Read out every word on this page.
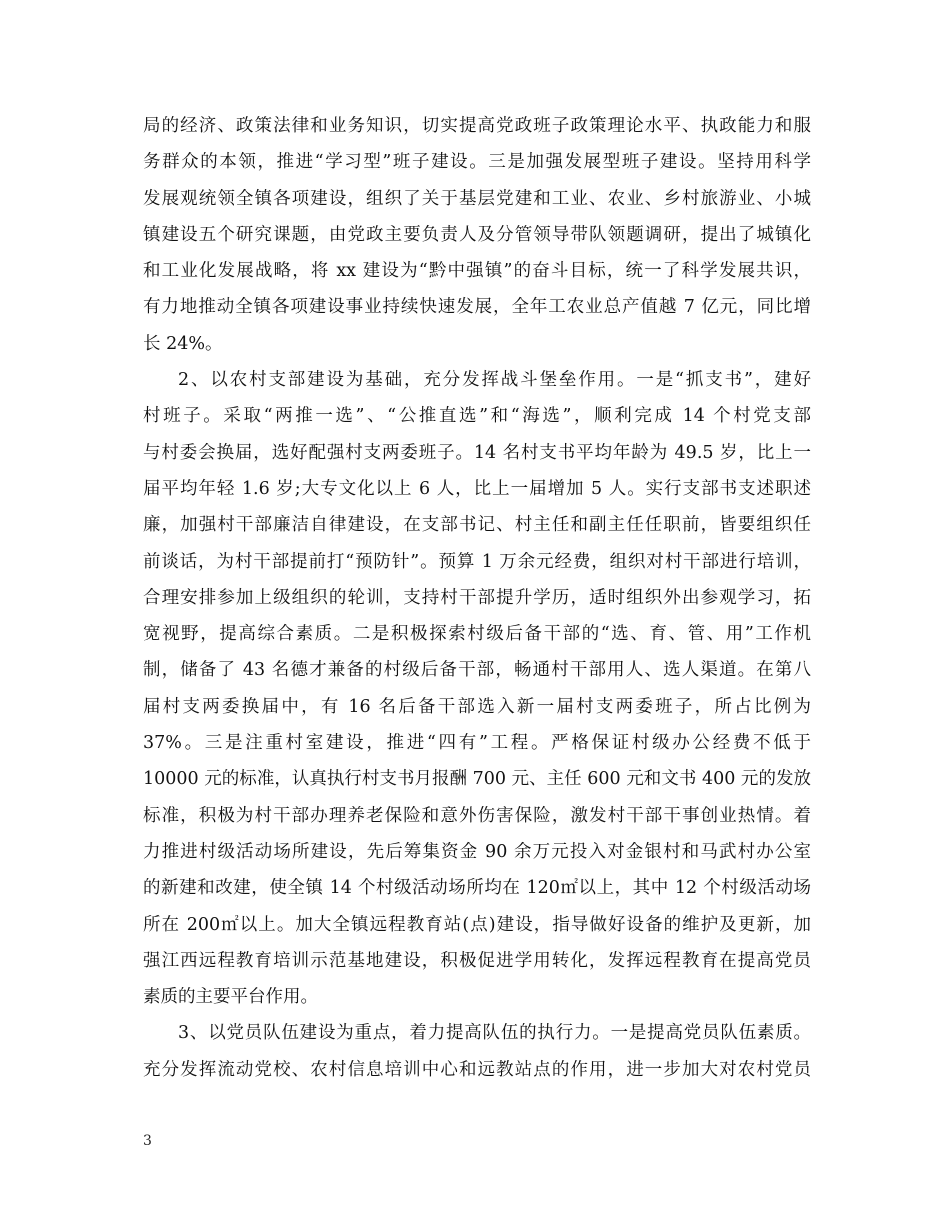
局的经济、政策法律和业务知识，切实提高党政班子政策理论水平、执政能力和服
务群众的本领，推进“学习型”班子建设。三是加强发展型班子建设。坚持用科学
发展观统领全镇各项建设，组织了关于基层党建和工业、农业、乡村旅游业、小城
镇建设五个研究课题，由党政主要负责人及分管领导带队领题调研，提出了城镇化
和工业化发展战略，将 xx 建设为“黔中强镇”的奋斗目标，统一了科学发展共识，
有力地推动全镇各项建设事业持续快速发展，全年工农业总产值越 7 亿元，同比增
长 24%。
2、以农村支部建设为基础，充分发挥战斗堡垒作用。一是“抓支书”，建好
村班子。采取“两推一选”、“公推直选”和“海选”，顺利完成 14 个村党支部
与村委会换届，选好配强村支两委班子。14 名村支书平均年龄为 49.5 岁，比上一
届平均年轻 1.6 岁;大专文化以上 6 人，比上一届增加 5 人。实行支部书支述职述
廉，加强村干部廉洁自律建设，在支部书记、村主任和副主任任职前，皆要组织任
前谈话，为村干部提前打“预防针”。预算 1 万余元经费，组织对村干部进行培训，
合理安排参加上级组织的轮训，支持村干部提升学历，适时组织外出参观学习，拓
宽视野，提高综合素质。二是积极探索村级后备干部的“选、育、管、用”工作机
制，储备了 43 名德才兼备的村级后备干部，畅通村干部用人、选人渠道。在第八
届村支两委换届中，有 16 名后备干部选入新一届村支两委班子，所占比例为
37%。三是注重村室建设，推进“四有”工程。严格保证村级办公经费不低于
10000 元的标准，认真执行村支书月报酬 700 元、主任 600 元和文书 400 元的发放
标准，积极为村干部办理养老保险和意外伤害保险，激发村干部干事创业热情。着
力推进村级活动场所建设，先后筹集资金 90 余万元投入对金银村和马武村办公室
的新建和改建，使全镇 14 个村级活动场所均在 120㎡以上，其中 12 个村级活动场
所在 200㎡以上。加大全镇远程教育站(点)建设，指导做好设备的维护及更新，加
强江西远程教育培训示范基地建设，积极促进学用转化，发挥远程教育在提高党员
素质的主要平台作用。
3、以党员队伍建设为重点，着力提高队伍的执行力。一是提高党员队伍素质。
充分发挥流动党校、农村信息培训中心和远教站点的作用，进一步加大对农村党员
3
